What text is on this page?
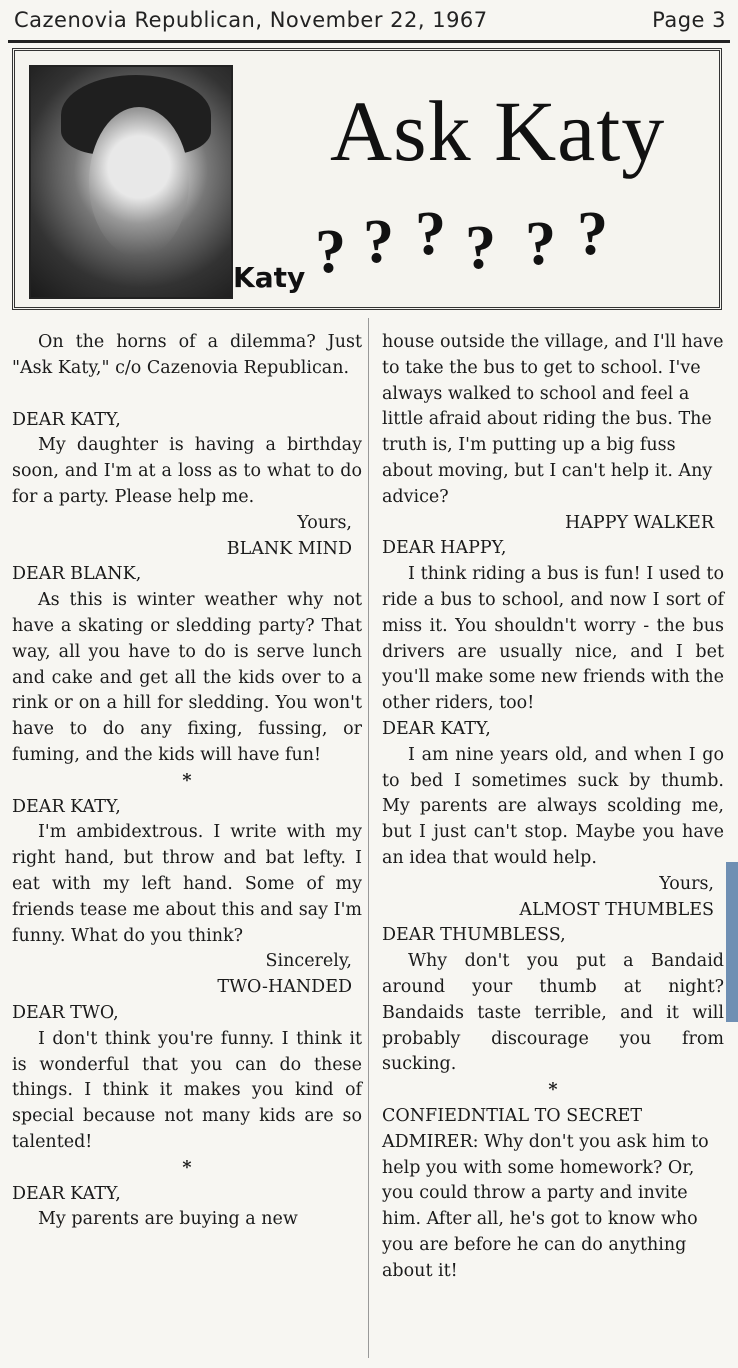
Cazenovia Republican, November 22, 1967	Page 3
Katy
Ask Katy
? ? ? ? ? ?

On the horns of a dilemma? Just "Ask Katy," c/o Cazenovia Republican.

DEAR KATY,

My daughter is having a birthday soon, and I'm at a loss as to what to do for a party. Please help me.

Yours,

BLANK MIND

DEAR BLANK,

As this is winter weather why not have a skating or sledding party? That way, all you have to do is serve lunch and cake and get all the kids over to a rink or on a hill for sledding. You won't have to do any fixing, fussing, or fuming, and the kids will have fun!

*

DEAR KATY,

I'm ambidextrous. I write with my right hand, but throw and bat lefty. I eat with my left hand. Some of my friends tease me about this and say I'm funny. What do you think?

Sincerely,

TWO-HANDED

DEAR TWO,

I don't think you're funny. I think it is wonderful that you can do these things. I think it makes you kind of special because not many kids are so talented!

*

DEAR KATY,

My parents are buying a new

house outside the village, and I'll have to take the bus to get to school. I've always walked to school and feel a little afraid about riding the bus. The truth is, I'm putting up a big fuss about moving, but I can't help it. Any advice?

HAPPY WALKER

DEAR HAPPY,

I think riding a bus is fun! I used to ride a bus to school, and now I sort of miss it. You shouldn't worry - the bus drivers are usually nice, and I bet you'll make some new friends with the other riders, too!

DEAR KATY,

I am nine years old, and when I go to bed I sometimes suck by thumb. My parents are always scolding me, but I just can't stop. Maybe you have an idea that would help.

Yours,

ALMOST THUMBLES

DEAR THUMBLESS,

Why don't you put a Bandaid around your thumb at night? Bandaids taste terrible, and it will probably discourage you from sucking.

*

CONFIEDNTIAL TO SECRET ADMIRER: Why don't you ask him to help you with some homework? Or, you could throw a party and invite him. After all, he's got to know who you are before he can do anything about it!
